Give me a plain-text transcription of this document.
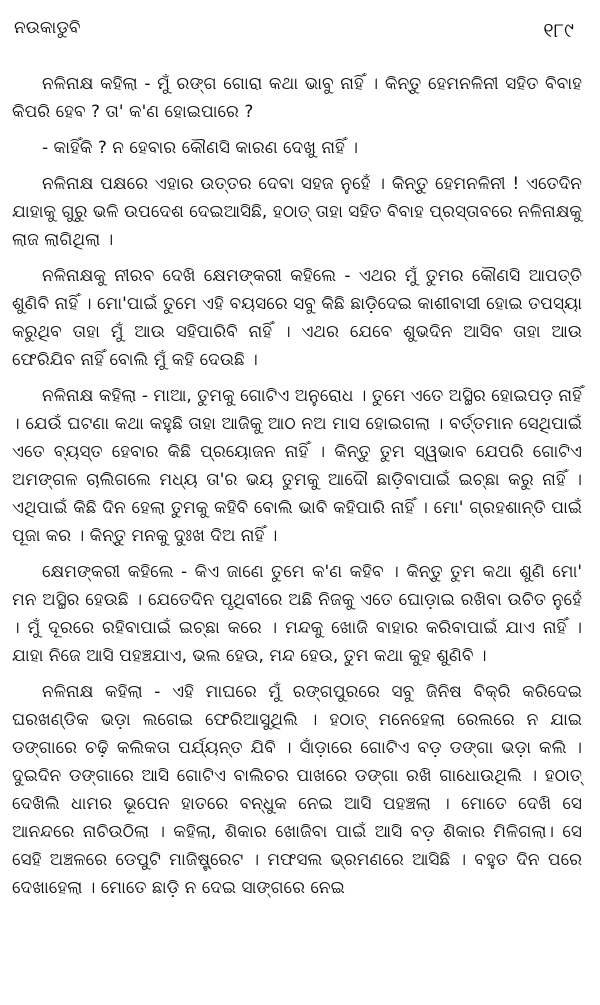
ନଉକାଡୁବି	୧୮୯

ନଳିନାକ୍ଷ କହିଲା - ମୁଁ ରଙ୍ଗ ଗୋରା କଥା ଭାବୁ ନାହିଁ । କିନ୍ତୁ ହେମନଳିନୀ ସହିତ ବିବାହ କିପରି ହେବ ? ତା' କ'ଣ ହୋଇପାରେ ?

- କାହିଁକି ? ନ ହେବାର କୌଣସି କାରଣ ଦେଖୁ ନାହିଁ ।

ନଳିନାକ୍ଷ ପକ୍ଷରେ ଏହାର ଉତ୍ତର ଦେବା ସହଜ ନୁହେଁ । କିନ୍ତୁ ହେମନଳିନୀ ! ଏତେଦିନ ଯାହାକୁ ଗୁରୁ ଭଳି ଉପଦେଶ ଦେଇଆସିଛି, ହଠାତ୍ ତାହା ସହିତ ବିବାହ ପ୍ରସ୍ତାବରେ ନଳିନାକ୍ଷକୁ ଲାଜ ଲାଗିଥିଲା ।

ନଳିନାକ୍ଷକୁ ନୀରବ ଦେଖି କ୍ଷେମଙ୍କରୀ କହିଲେ - ଏଥର ମୁଁ ତୁମର କୌଣସି ଆପତ୍ତି ଶୁଣିବି ନାହିଁ । ମୋ'ପାଇଁ ତୁମେ ଏହି ବୟସରେ ସବୁ କିଛି ଛାଡ଼ିଦେଇ କାଶୀବାସୀ ହୋଇ ତପସ୍ୟା କରୁଥିବ ତାହା ମୁଁ ଆଉ ସହିପାରିବି ନାହିଁ । ଏଥର ଯେବେ ଶୁଭଦିନ ଆସିବ ତାହା ଆଉ ଫେରିଯିବ ନାହିଁ ବୋଲି ମୁଁ କହି ଦେଉଛି ।

ନଳିନାକ୍ଷ କହିଲା - ମାଆ, ତୁମକୁ ଗୋଟିଏ ଅନୁରୋଧ । ତୁମେ ଏତେ ଅସ୍ଥିର ହୋଇପଡ଼ ନାହିଁ । ଯେଉଁ ଘଟଣା କଥା କହୁଛି ତାହା ଆଜିକୁ ଆଠ ନଅ ମାସ ହୋଇଗଲା । ବର୍ତ୍ତମାନ ସେଥିପାଇଁ ଏତେ ବ୍ୟସ୍ତ ହେବାର କିଛି ପ୍ରୟୋଜନ ନାହିଁ । କିନ୍ତୁ ତୁମ ସ୍ୱଭାବ ଯେପରି ଗୋଟିଏ ଅମଙ୍ଗଳ ଚାଲିଗଲେ ମଧ୍ୟ ତା'ର ଭୟ ତୁମକୁ ଆଦୌ ଛାଡ଼ିବାପାଇଁ ଇଚ୍ଛା କରୁ ନାହିଁ । ଏଥିପାଇଁ କିଛି ଦିନ ହେଲା ତୁମକୁ କହିବି ବୋଲି ଭାବି କହିପାରି ନାହିଁ । ମୋ' ଗ୍ରହଶାନ୍ତି ପାଇଁ ପୂଜା କର । କିନ୍ତୁ ମନକୁ ଦୁଃଖ ଦିଅ ନାହିଁ ।

କ୍ଷେମଙ୍କରୀ କହିଲେ - କିଏ ଜାଣେ ତୁମେ କ'ଣ କହିବ । କିନ୍ତୁ ତୁମ କଥା ଶୁଣି ମୋ' ମନ ଅସ୍ଥିର ହେଉଛି । ଯେତେଦିନ ପୃଥିବୀରେ ଅଛି ନିଜକୁ ଏତେ ଘୋଡ଼ାଇ ରଖିବା ଉଚିତ ନୁହେଁ । ମୁଁ ଦୂରରେ ରହିବାପାଇଁ ଇଚ୍ଛା କରେ । ମନ୍ଦକୁ ଖୋଜି ବାହାର କରିବାପାଇଁ ଯାଏ ନାହିଁ । ଯାହା ନିଜେ ଆସି ପହଞ୍ଚଯାଏ, ଭଲ ହେଉ, ମନ୍ଦ ହେଉ, ତୁମ କଥା କୁହ ଶୁଣିବି ।

ନଳିନାକ୍ଷ କହିଲା - ଏହି ମାଘରେ ମୁଁ ରଙ୍ଗପୁରରେ ସବୁ ଜିନିଷ ବିକ୍ରି କରିଦେଇ ଘରଖଣ୍ଡିକ ଭଡ଼ା ଲଗେଇ ଫେରିଆସୁଥିଲି । ହଠାତ୍ ମନେହେଲା ରେଲରେ ନ ଯାଇ ଡଙ୍ଗାରେ ଚଢ଼ି କଲିକତା ପର୍ଯ୍ୟନ୍ତ ଯିବି । ସାଁଡ଼ାରେ ଗୋଟିଏ ବଡ଼ ଡଙ୍ଗା ଭଡ଼ା କଲି । ଦୁଇଦିନ ଡଙ୍ଗାରେ ଆସି ଗୋଟିଏ ବାଲିଚର ପାଖରେ ଡଙ୍ଗା ରଖି ଗାଧୋଉଥିଲି । ହଠାତ୍ ଦେଖିଲି ଧାମର ଭୂପେନ ହାତରେ ବନ୍ଧୁକ ନେଇ ଆସି ପହଞ୍ଚଲା । ମୋତେ ଦେଖି ସେ ଆନନ୍ଦରେ ନାଚିଉଠିଲା । କହିଲା, ଶିକାର ଖୋଜିବା ପାଇଁ ଆସି ବଡ଼ ଶିକାର ମିଳିଗଲା। ସେ ସେହି ଅଞ୍ଚଳରେ ଡେପୁଟି ମାଜିଷ୍ଟ୍ରେଟ । ମଫସଲ ଭ୍ରମଣରେ ଆସିଛି । ବହୁତ ଦିନ ପରେ ଦେଖାହେଲା । ମୋତେ ଛାଡ଼ି ନ ଦେଇ ସାଙ୍ଗରେ ନେଇ
